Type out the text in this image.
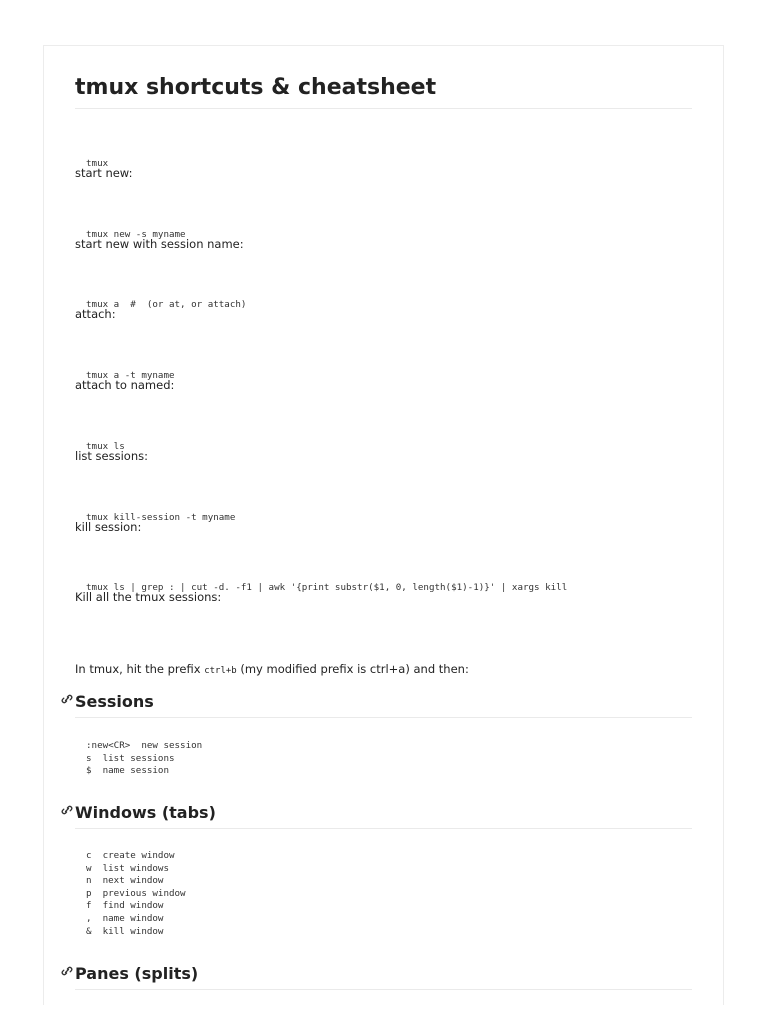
tmux shortcuts & cheatsheet

start new:

tmux

start new with session name:

tmux new -s myname

attach:

tmux a  #  (or at, or attach)

attach to named:

tmux a -t myname

list sessions:

tmux ls

kill session:

tmux kill-session -t myname

Kill all the tmux sessions:

tmux ls | grep : | cut -d. -f1 | awk '{print substr($1, 0, length($1)-1)}' | xargs kill

In tmux, hit the prefix ctrl+b (my modified prefix is ctrl+a) and then:

Sessions
:new<CR>  new session
s  list sessions
$  name session
Windows (tabs)
c  create window
w  list windows
n  next window
p  previous window
f  find window
,  name window
&  kill window
Panes (splits)
